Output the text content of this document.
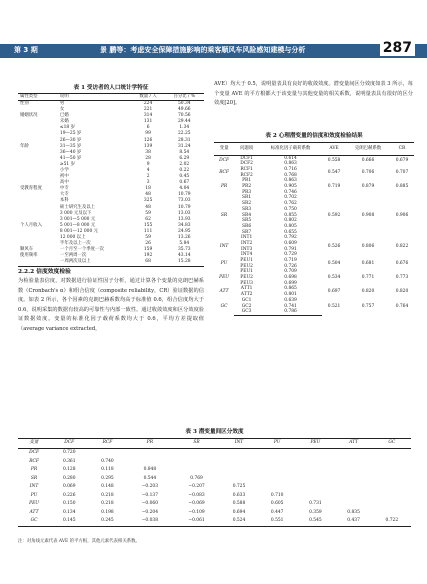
第 3 期	景 鹏等：考虑安全保障措施影响的乘客顺风车风险感知建模与分析	287
表 1 受访者的人口统计学特征
属性类型	说明	数量 / 人	百分比 / %
性别	男	224	50.34
	女	221	49.66
婚姻状况	已婚	314	70.56
	未婚	131	29.44
	≤18 岁	6	1.34
	19—25 岁	99	22.25
	26—30 岁	126	28.31
年龄	31—35 岁	139	31.24
	36—40 岁	38	8.54
	41—50 岁	28	6.29
	≥51 岁	9	2.02
	小学	4	0.22
	初中	2	0.45
	高中	3	0.67
受教育程度	中专	18	4.04
	大专	48	10.79
	本科	325	73.03
	硕士研究生及以上	48	10.79
	3 000 元及以下	59	13.03
	3 001—5 000 元	62	13.93
个人月收入	5 001—8 000 元	155	34.83
	8 001—12 000 元	111	24.95
	12 000 以上	59	13.26
	半年及以上一次	26	5.84
顺风车	一个月至一个季度一次	159	35.73
使用频率	一至两周一次	192	43.14
	一周两次及以上	68	15.28
2.2.2 信度效度检验
为检验量表信度，对数据进行验证性因子分析，通过计算各个变量的克朗巴赫系数（Cronbach's α）和组合信度（composite reliability，CR）验证数据的信度。如表 2 所示，各个因素的克朗巴赫系数均高于标准值 0.6，组合信度均大于 0.6，说明采集的数据有较高的可靠性与内部一致性。通过收敛效度和区分效度验证数据效度。变量的标准化因子载荷系数均大于 0.6，平均方差提取值（average variance extracted，
AVE）均大于 0.5，说明量表具有良好的收敛效度。潜变量间区分效度如表 3 所示，每个变量 AVE 的平方根都大于该变量与其他变量的相关系数，说明量表具有很好的区分效度[20]。
表 2 心理潜变量的信度和效度检验结果
变量	问题项	标准化因子载荷系数	AVE	克朗巴赫系数	CR
DCF	DCF1	0.614	0.558	0.666	0.679
	DCF2	0.863			
RCF	RCF1	0.716	0.547	0.706	0.707
	RCF2	0.768			
PR	PR1	0.863	0.719	0.879	0.885
	PR2	0.905			
	PR3	0.746			
SR	SR1	0.702	0.592	0.908	0.906
	SR2	0.762			
	SR3	0.750			
	SR4	0.855			
	SR5	0.802			
	SR6	0.805			
	SR7	0.655			
INT	INT1	0.792	0.526	0.806	0.822
	INT2	0.609			
	INT3	0.791			
	INT4	0.729			
PU	PEU1	0.719	0.504	0.681	0.676
	PEU2	0.726			
PEU	PEU1	0.709	0.534	0.771	0.773
	PEU2	0.698			
	PEU3	0.699			
ATT	ATT1	0.865	0.697	0.820	0.820
	ATT2	0.801			
GC	GC1	0.639	0.521	0.757	0.764
	GC2	0.741			
	GC3	0.786			
表 3 潜变量间区分效度
变量	DCF	RCF	PR	SR	INT	PU	PEU	ATT	GC
DCF	0.720								
RCF	0.361	0.740							
PR	0.128	0.118	0.848						
SR	0.280	0.295	0.544	0.769					
INT	0.069	0.148	−0.203	−0.207	0.725				
PU	0.226	0.218	−0.137	−0.083	0.633	0.710			
PEU	0.150	0.218	−0.060	−0.069	0.588	0.605	0.731		
ATT	0.134	0.198	−0.204	−0.109	0.694	0.447	0.359	0.835	
GC	0.145	0.245	−0.038	−0.061	0.524	0.551	0.545	0.437	0.722
注：对角线元素代表 AVE 的平方根，其他元素代表相关系数。
